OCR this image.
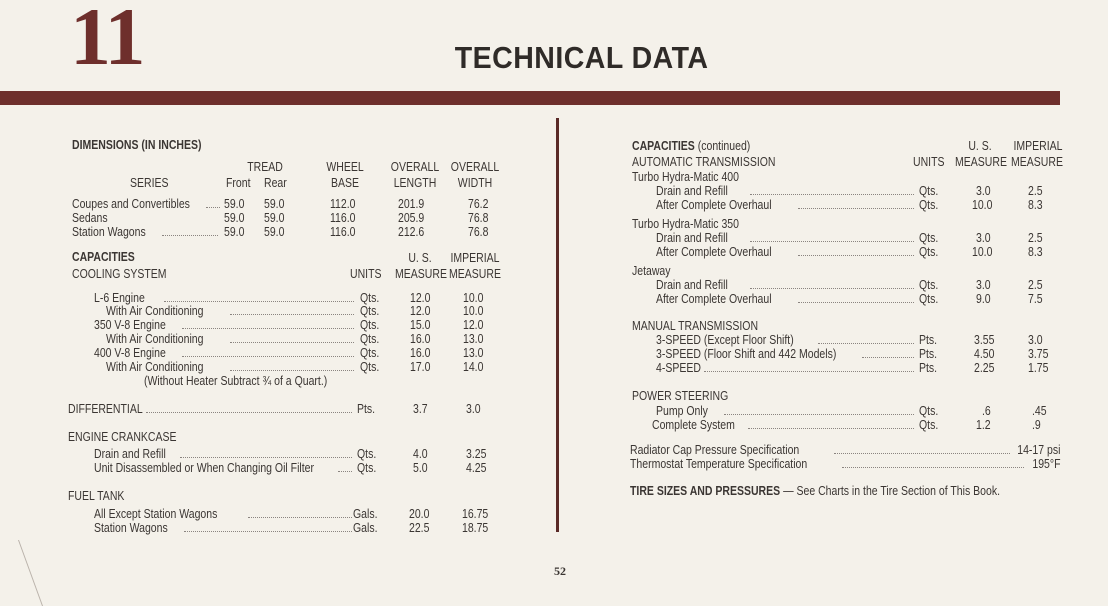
11	TECHNICAL DATA
DIMENSIONS (IN INCHES)
TREAD	WHEEL	OVERALL OVERALL
SERIES	Front Rear	BASE	LENGTH	WIDTH
Coupes and Convertibles	59.0 59.0	112.0	201.9	76.2
Sedans	59.0 59.0	116.0	205.9	76.8
Station Wagons	59.0 59.0	116.0	212.6	76.8
CAPACITIES	U. S.	IMPERIAL
COOLING SYSTEM	UNITS MEASURE MEASURE
L-6 Engine	Qts. 12.0	10.0
With Air Conditioning	Qts. 12.0	10.0
350 V-8 Engine	Qts. 15.0	12.0
With Air Conditioning	Qts. 16.0	13.0
400 V-8 Engine	Qts. 16.0	13.0
With Air Conditioning	Qts. 17.0	14.0
(Without Heater Subtract ¾ of a Quart.)
DIFFERENTIAL	Pts.	3.7	3.0
ENGINE CRANKCASE
Drain and Refill	Qts.	4.0	3.25
Unit Disassembled or When Changing Oil Filter	Qts.	5.0	4.25
FUEL TANK
All Except Station Wagons	Gals.	20.0	16.75
Station Wagons	Gals.	22.5	18.75
CAPACITIES (continued)	U. S.	IMPERIAL
AUTOMATIC TRANSMISSION	UNITS MEASURE MEASURE
Turbo Hydra-Matic 400
Drain and Refill	Qts.	3.0	2.5
After Complete Overhaul	Qts.	10.0	8.3
Turbo Hydra-Matic 350
Drain and Refill	Qts.	3.0	2.5
After Complete Overhaul	Qts.	10.0	8.3
Jetaway
Drain and Refill	Qts.	3.0	2.5
After Complete Overhaul	Qts.	9.0	7.5
MANUAL TRANSMISSION
3-SPEED (Except Floor Shift)	Pts.	3.55	3.0
3-SPEED (Floor Shift and 442 Models)	Pts.	4.50	3.75
4-SPEED	Pts.	2.25	1.75
POWER STEERING
Pump Only	Qts.	.6	.45
Complete System	Qts.	1.2	.9
Radiator Cap Pressure Specification	14-17 psi
Thermostat Temperature Specification	195°F
TIRE SIZES AND PRESSURES — See Charts in the Tire Section of This Book.
52
